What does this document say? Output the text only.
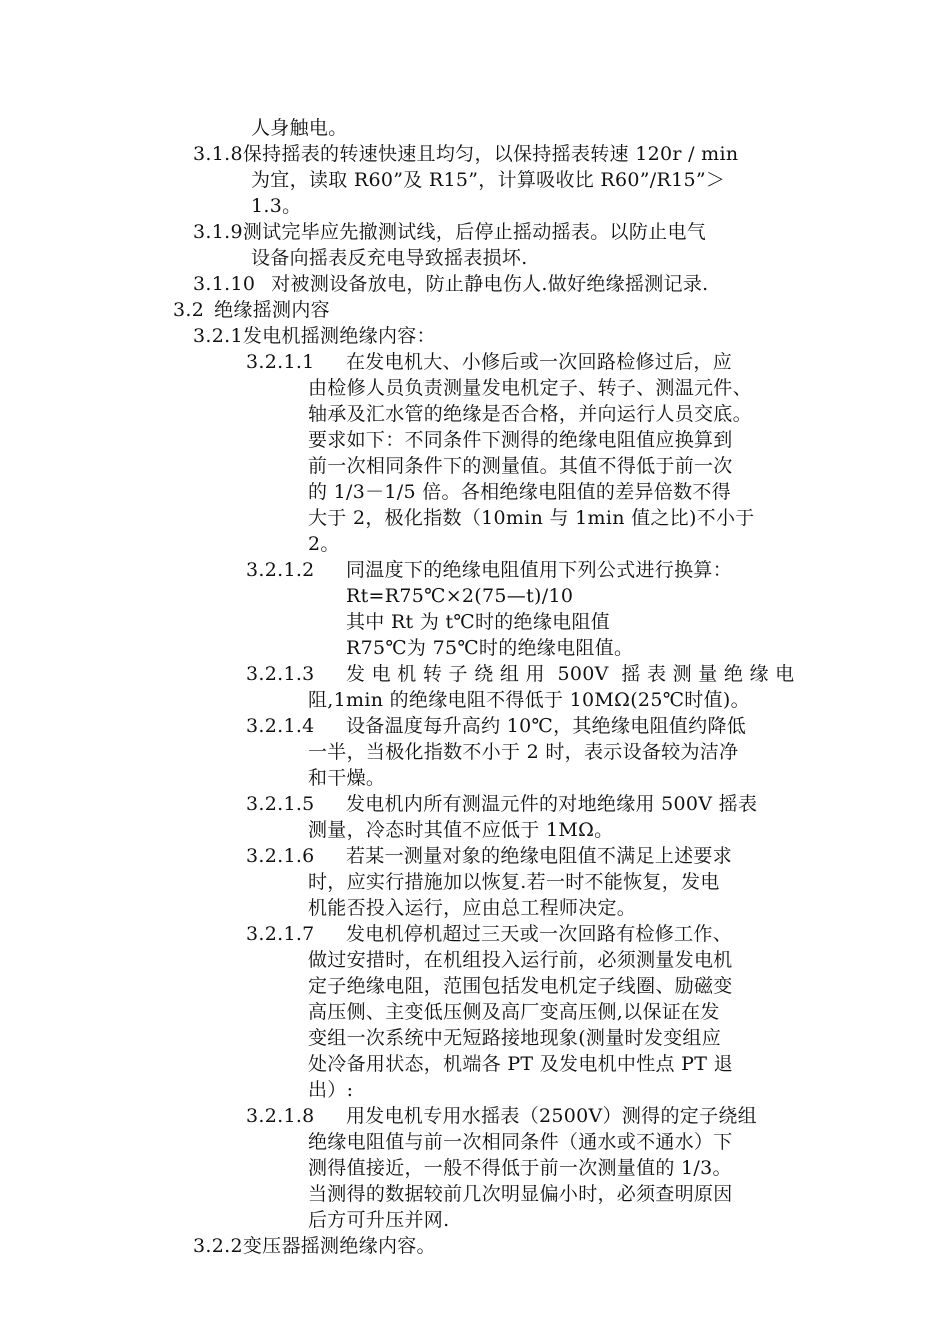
人身触电。
3.1.8保持摇表的转速快速且均匀，以保持摇表转速 120r / min
为宜，读取 R60”及 R15”，计算吸收比 R60”/R15”＞
1.3。
3.1.9测试完毕应先撤测试线，后停止摇动摇表。以防止电气
设备向摇表反充电导致摇表损坏.
3.1.10 对被测设备放电，防止静电伤人.做好绝缘摇测记录.
3.2 绝缘摇测内容
3.2.1发电机摇测绝缘内容：
3.2.1.1 在发电机大、小修后或一次回路检修过后，应
由检修人员负责测量发电机定子、转子、测温元件、
轴承及汇水管的绝缘是否合格，并向运行人员交底。
要求如下：不同条件下测得的绝缘电阻值应换算到
前一次相同条件下的测量值。其值不得低于前一次
的 1/3－1/5 倍。各相绝缘电阻值的差异倍数不得
大于 2，极化指数（10min 与 1min 值之比)不小于
2。
3.2.1.2 同温度下的绝缘电阻值用下列公式进行换算：
Rt=R75℃×2(75—t)/10
其中 Rt 为 t℃时的绝缘电阻值
R75℃为 75℃时的绝缘电阻值。
3.2.1.3 发 电 机 转 子 绕 组 用  500V  摇 表 测 量 绝 缘 电
阻,1min 的绝缘电阻不得低于 10MΩ(25℃时值)。
3.2.1.4 设备温度每升高约 10℃，其绝缘电阻值约降低
一半，当极化指数不小于 2 时，表示设备较为洁净
和干燥。
3.2.1.5 发电机内所有测温元件的对地绝缘用 500V 摇表
测量，冷态时其值不应低于 1MΩ。
3.2.1.6 若某一测量对象的绝缘电阻值不满足上述要求
时，应实行措施加以恢复.若一时不能恢复，发电
机能否投入运行，应由总工程师决定。
3.2.1.7 发电机停机超过三天或一次回路有检修工作、
做过安措时，在机组投入运行前，必须测量发电机
定子绝缘电阻，范围包括发电机定子线圈、励磁变
高压侧、主变低压侧及高厂变高压侧,以保证在发
变组一次系统中无短路接地现象(测量时发变组应
处冷备用状态，机端各 PT 及发电机中性点 PT 退
出）:
3.2.1.8 用发电机专用水摇表（2500V）测得的定子绕组
绝缘电阻值与前一次相同条件（通水或不通水）下
测得值接近，一般不得低于前一次测量值的 1/3。
当测得的数据较前几次明显偏小时，必须查明原因
后方可升压并网.
3.2.2变压器摇测绝缘内容。
